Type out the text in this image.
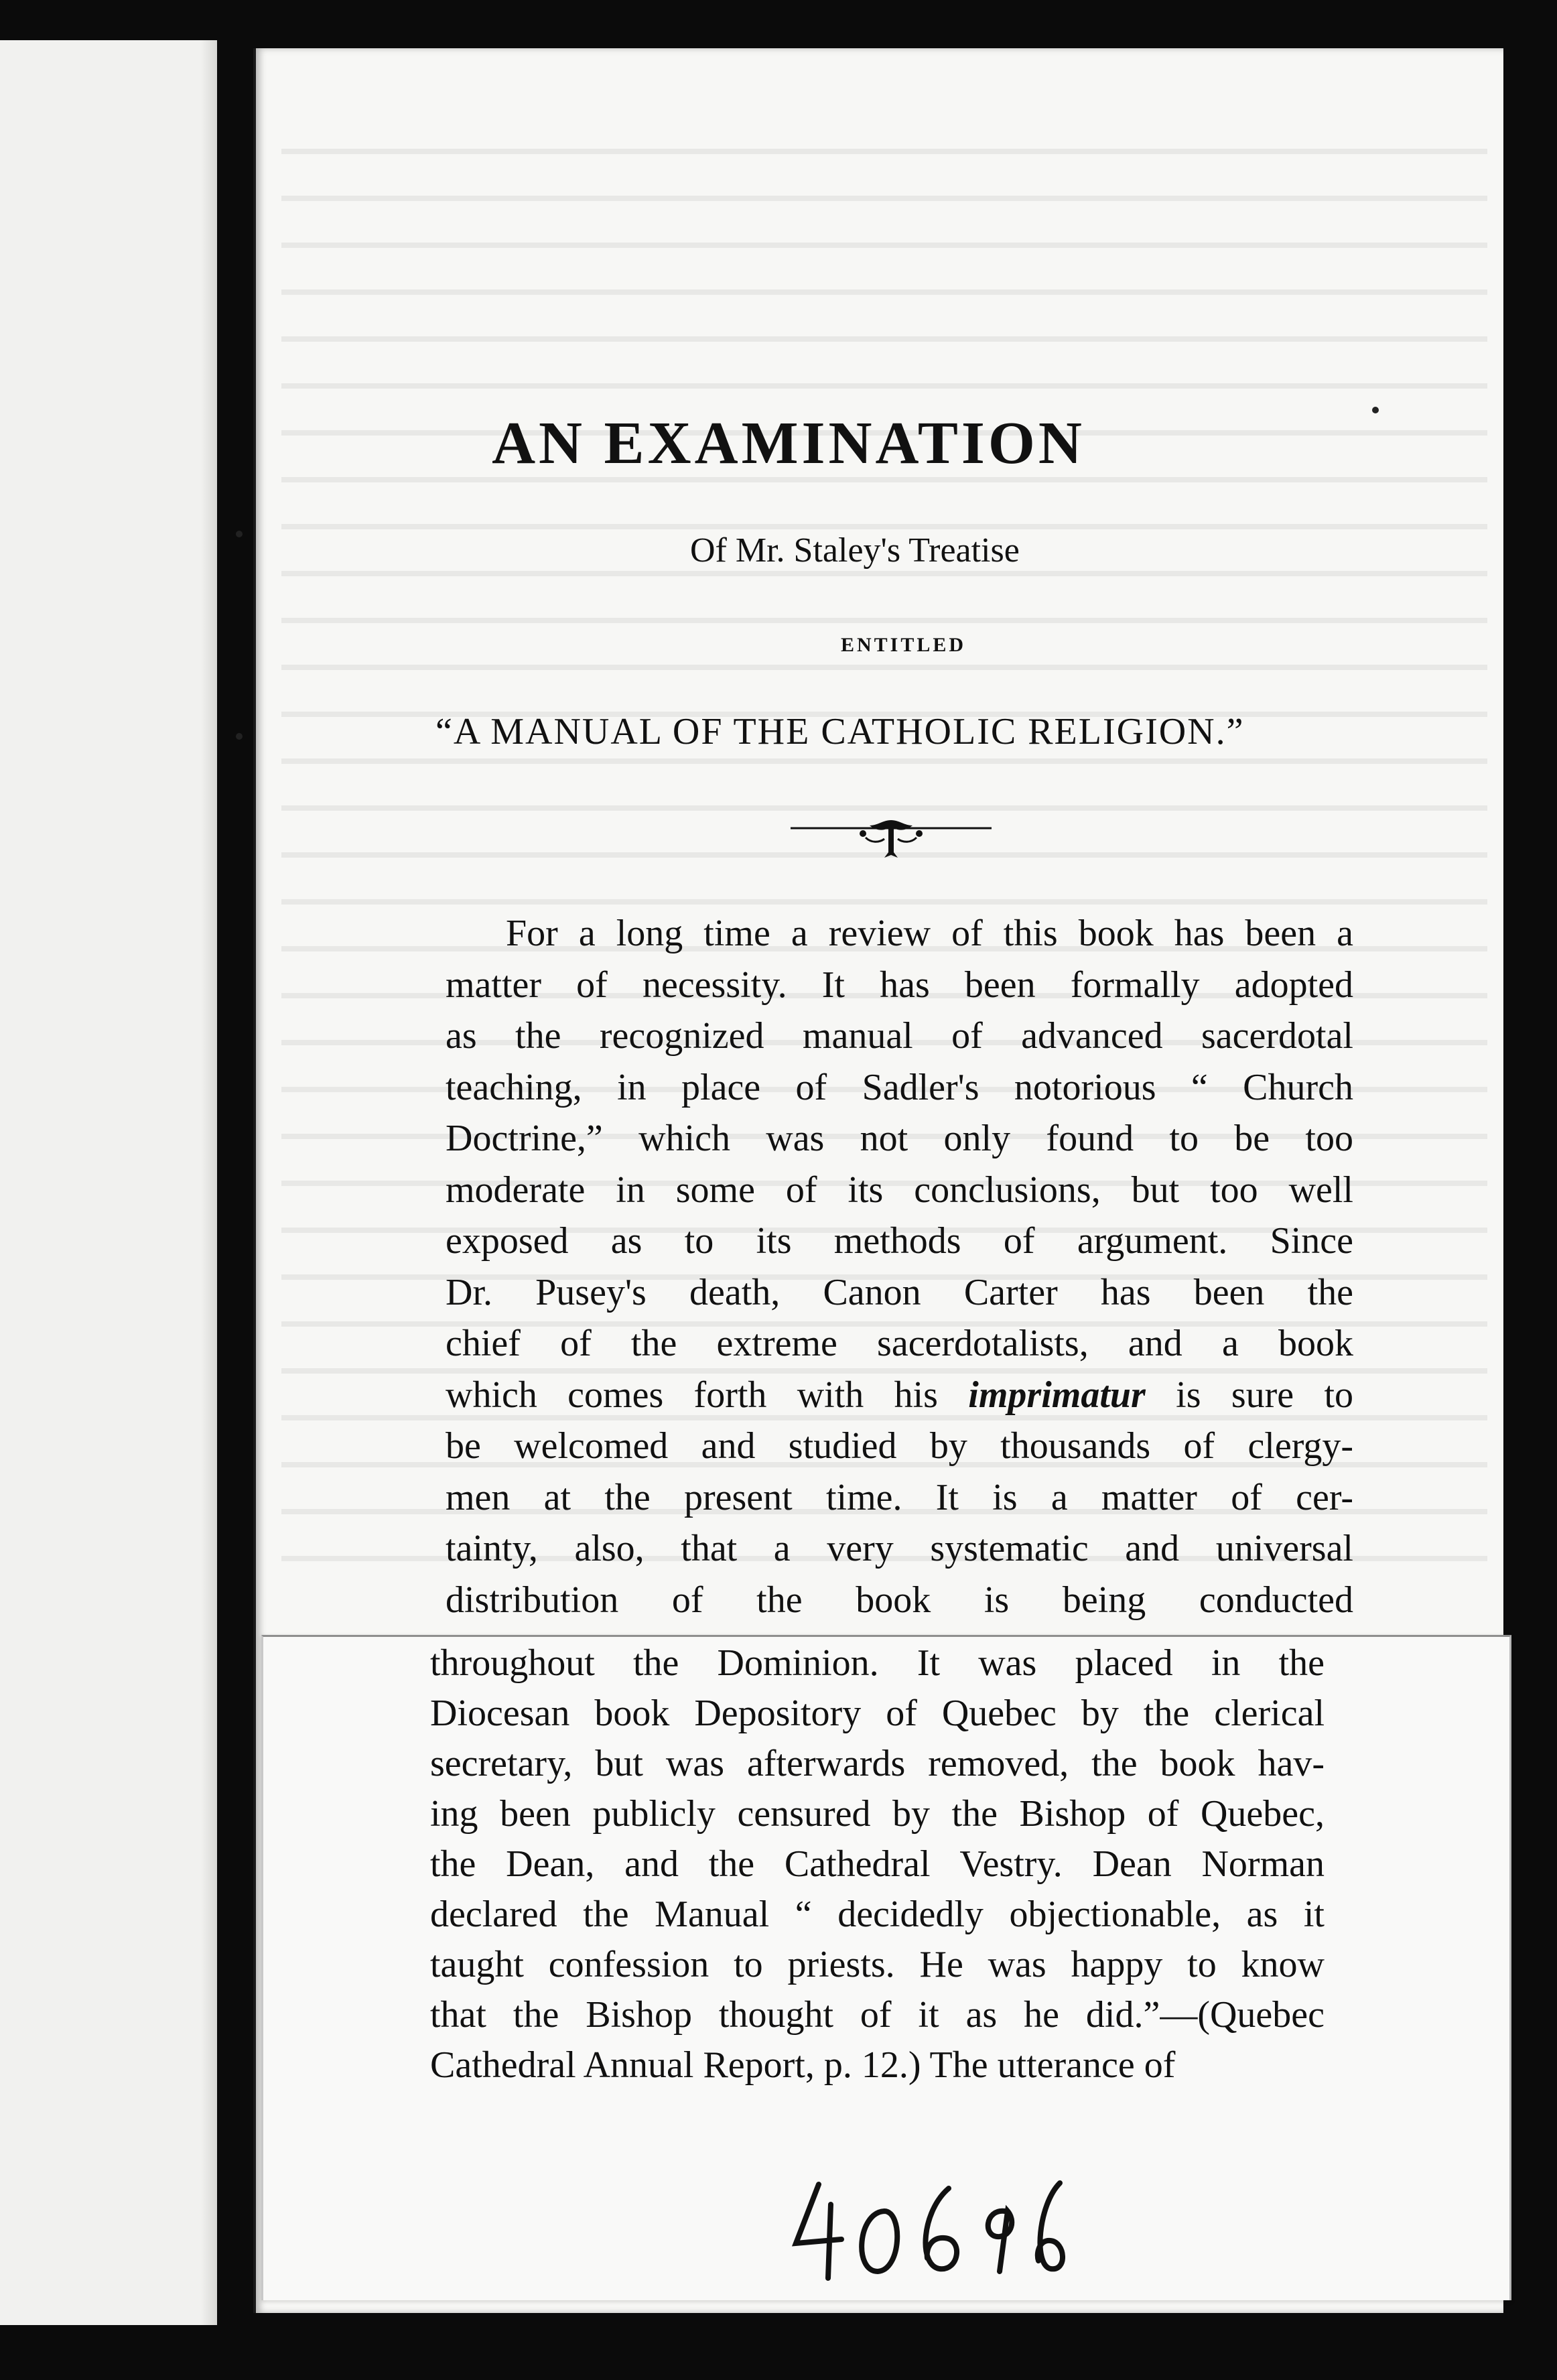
AN EXAMINATION
Of Mr. Staley's Treatise
ENTITLED
“A MANUAL OF THE CATHOLIC RELIGION.”
For a long time a review of this book has been a
matter of necessity. It has been formally adopted
as the recognized manual of advanced sacerdotal
teaching, in place of Sadler's notorious “ Church
Doctrine,” which was not only found to be too
moderate in some of its conclusions, but too well
exposed as to its methods of argument. Since
Dr. Pusey's death, Canon Carter has been the
chief of the extreme sacerdotalists, and a book
which comes forth with his imprimatur is sure to
be welcomed and studied by thousands of clergy-
men at the present time. It is a matter of cer-
tainty, also, that a very systematic and universal
distribution of the book is being conducted
throughout the Dominion. It was placed in the
Diocesan book Depository of Quebec by the clerical
secretary, but was afterwards removed, the book hav-
ing been publicly censured by the Bishop of Quebec,
the Dean, and the Cathedral Vestry. Dean Norman
declared the Manual “ decidedly objectionable, as it
taught confession to priests. He was happy to know
that the Bishop thought of it as he did.”—(Quebec
Cathedral Annual Report, p. 12.) The utterance of
